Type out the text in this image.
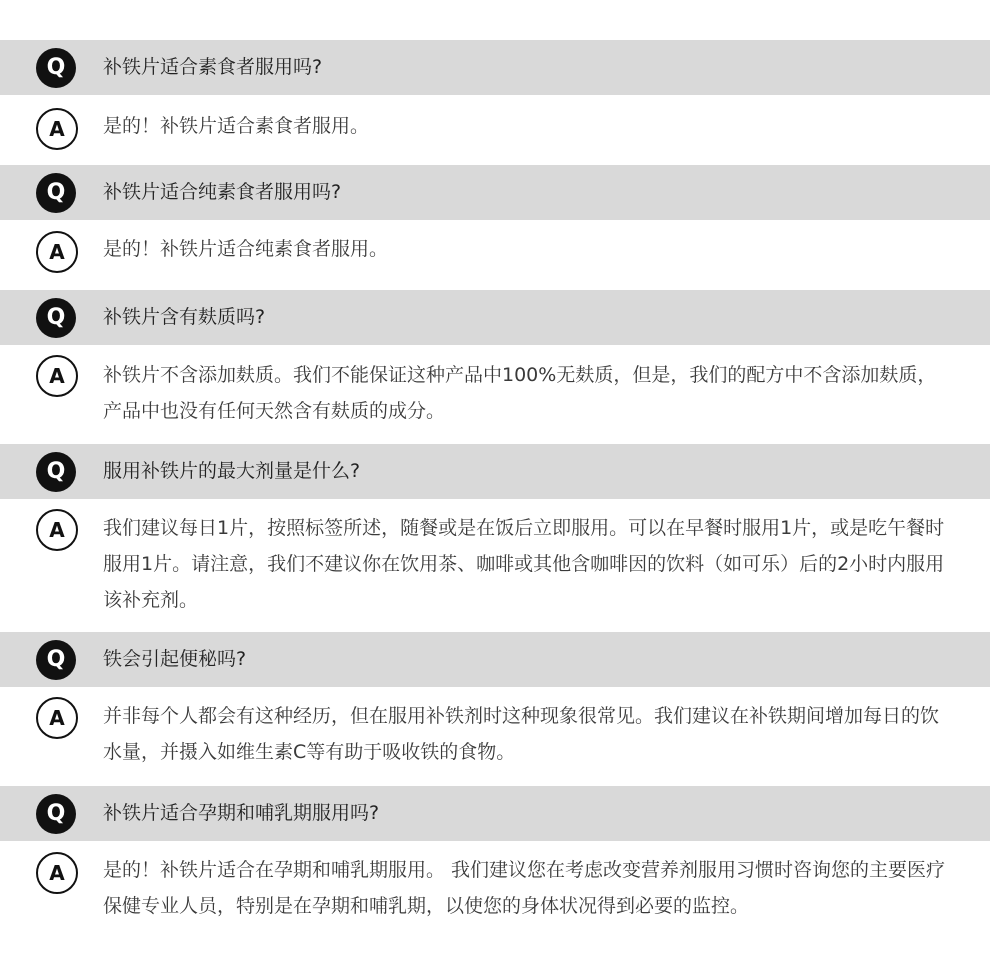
Q	补铁片适合素食者服用吗?
A	是的！补铁片适合素食者服用。
Q	补铁片适合纯素食者服用吗?
A	是的！补铁片适合纯素食者服用。
Q	补铁片含有麸质吗?
A	补铁片不含添加麸质。我们不能保证这种产品中100%无麸质，但是，我们的配方中不含添加麸质，产品中也没有任何天然含有麸质的成分。
Q	服用补铁片的最大剂量是什么?
A	我们建议每日1片，按照标签所述，随餐或是在饭后立即服用。可以在早餐时服用1片，或是吃午餐时服用1片。请注意，我们不建议你在饮用茶、咖啡或其他含咖啡因的饮料（如可乐）后的2小时内服用该补充剂。
Q	铁会引起便秘吗?
A	并非每个人都会有这种经历，但在服用补铁剂时这种现象很常见。我们建议在补铁期间增加每日的饮水量，并摄入如维生素C等有助于吸收铁的食物。
Q	补铁片适合孕期和哺乳期服用吗?
A	是的！补铁片适合在孕期和哺乳期服用。 我们建议您在考虑改变营养剂服用习惯时咨询您的主要医疗保健专业人员，特别是在孕期和哺乳期，以使您的身体状况得到必要的监控。
